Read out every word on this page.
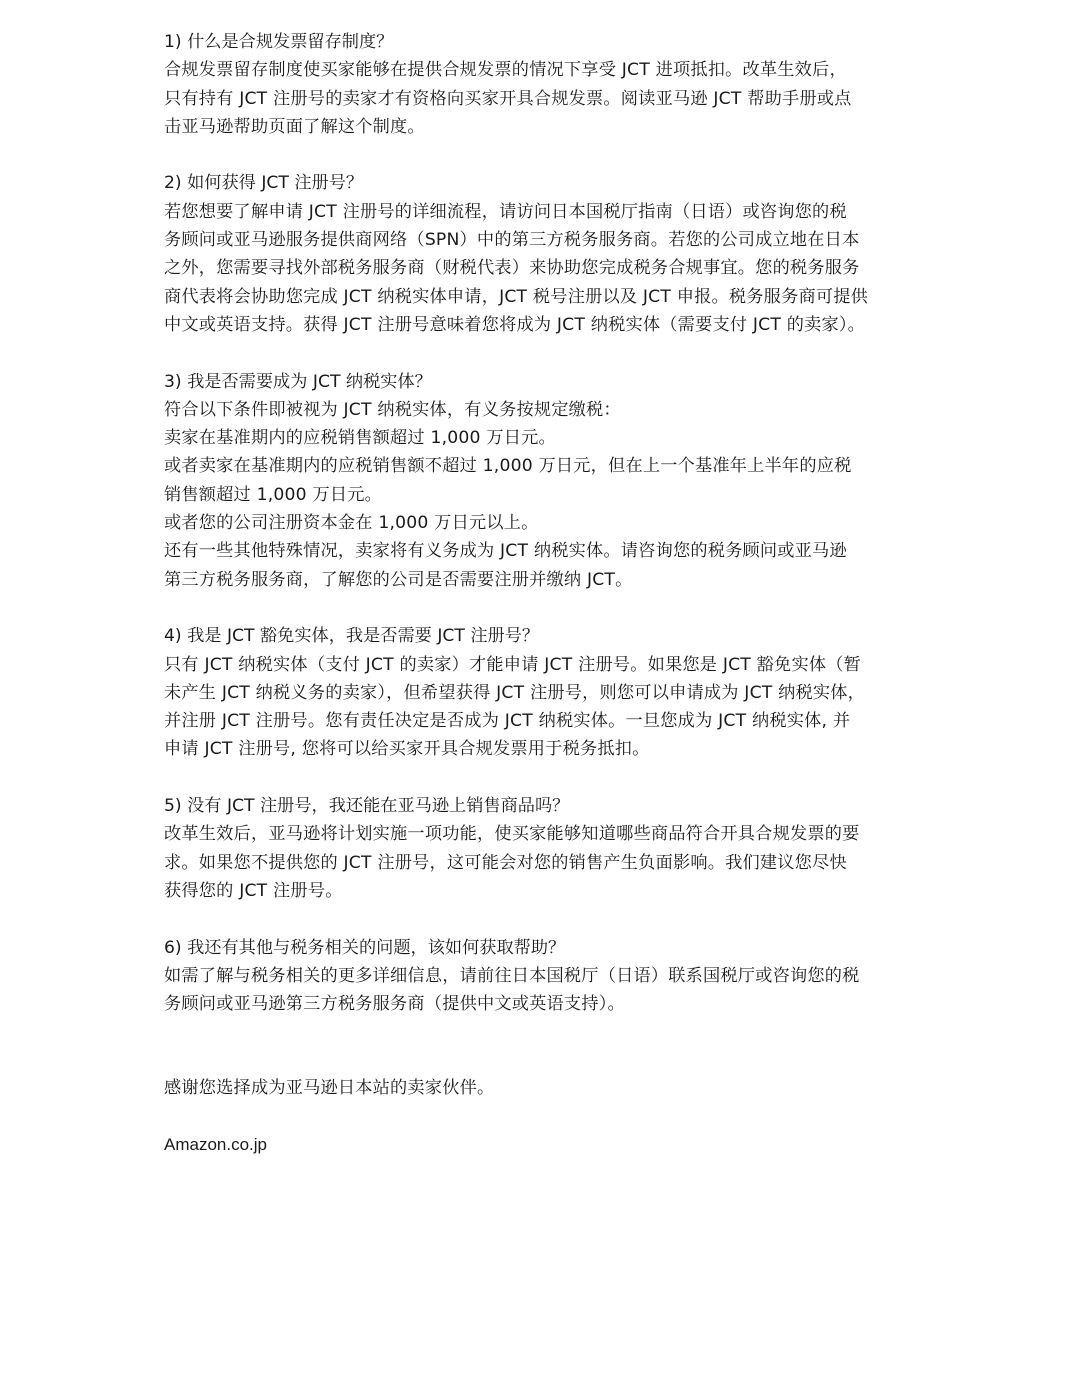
1) 什么是合规发票留存制度？
合规发票留存制度使买家能够在提供合规发票的情况下享受 JCT 进项抵扣。改革生效后，
只有持有 JCT 注册号的卖家才有资格向买家开具合规发票。阅读亚马逊 JCT 帮助手册或点
击亚马逊帮助页面了解这个制度。
2) 如何获得 JCT 注册号？
若您想要了解申请 JCT 注册号的详细流程，请访问日本国税厅指南（日语）或咨询您的税
务顾问或亚马逊服务提供商网络（SPN）中的第三方税务服务商。若您的公司成立地在日本
之外，您需要寻找外部税务服务商（财税代表）来协助您完成税务合规事宜。您的税务服务
商代表将会协助您完成 JCT 纳税实体申请，JCT 税号注册以及 JCT 申报。税务服务商可提供
中文或英语支持。获得 JCT 注册号意味着您将成为 JCT 纳税实体（需要支付 JCT 的卖家）。
3) 我是否需要成为 JCT 纳税实体？
符合以下条件即被视为 JCT 纳税实体，有义务按规定缴税：
卖家在基准期内的应税销售额超过 1,000 万日元。
或者卖家在基准期内的应税销售额不超过 1,000 万日元，但在上一个基准年上半年的应税
销售额超过 1,000 万日元。
或者您的公司注册资本金在 1,000 万日元以上。
还有一些其他特殊情况，卖家将有义务成为 JCT 纳税实体。请咨询您的税务顾问或亚马逊
第三方税务服务商，了解您的公司是否需要注册并缴纳 JCT。
4) 我是 JCT 豁免实体，我是否需要 JCT 注册号？
只有 JCT 纳税实体（支付 JCT 的卖家）才能申请 JCT 注册号。如果您是 JCT 豁免实体（暂
未产生 JCT 纳税义务的卖家），但希望获得 JCT 注册号，则您可以申请成为 JCT 纳税实体，
并注册 JCT 注册号。您有责任决定是否成为 JCT 纳税实体。一旦您成为 JCT 纳税实体, 并
申请 JCT 注册号, 您将可以给买家开具合规发票用于税务抵扣。
5) 没有 JCT 注册号，我还能在亚马逊上销售商品吗？
改革生效后，亚马逊将计划实施一项功能，使买家能够知道哪些商品符合开具合规发票的要
求。如果您不提供您的 JCT 注册号，这可能会对您的销售产生负面影响。我们建议您尽快
获得您的 JCT 注册号。
6) 我还有其他与税务相关的问题，该如何获取帮助？
如需了解与税务相关的更多详细信息，请前往日本国税厅（日语）联系国税厅或咨询您的税
务顾问或亚马逊第三方税务服务商（提供中文或英语支持）。
感谢您选择成为亚马逊日本站的卖家伙伴。
Amazon.co.jp
